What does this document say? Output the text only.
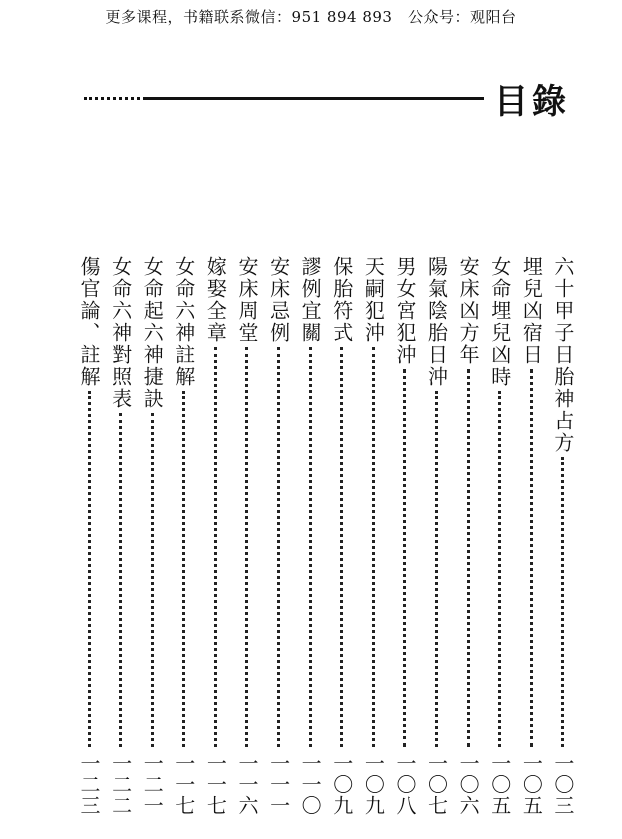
更多课程，书籍联系微信：951 894 893　公众号：观阳台
目錄
六十甲子日胎神占方
一〇三
埋兒凶宿日
一〇五
女命埋兒凶時
一〇五
安床凶方年
一〇六
陽氣陰胎日沖
一〇七
男女宮犯沖
一〇八
天嗣犯沖
一〇九
保胎符式
一〇九
謬例宜關
一一〇
安床忌例
一一一
安床周堂
一一六
嫁娶全章
一一七
女命六神註解
一一七
女命起六神捷訣
一二一
女命六神對照表
一二二
傷官論、註解
一二三
